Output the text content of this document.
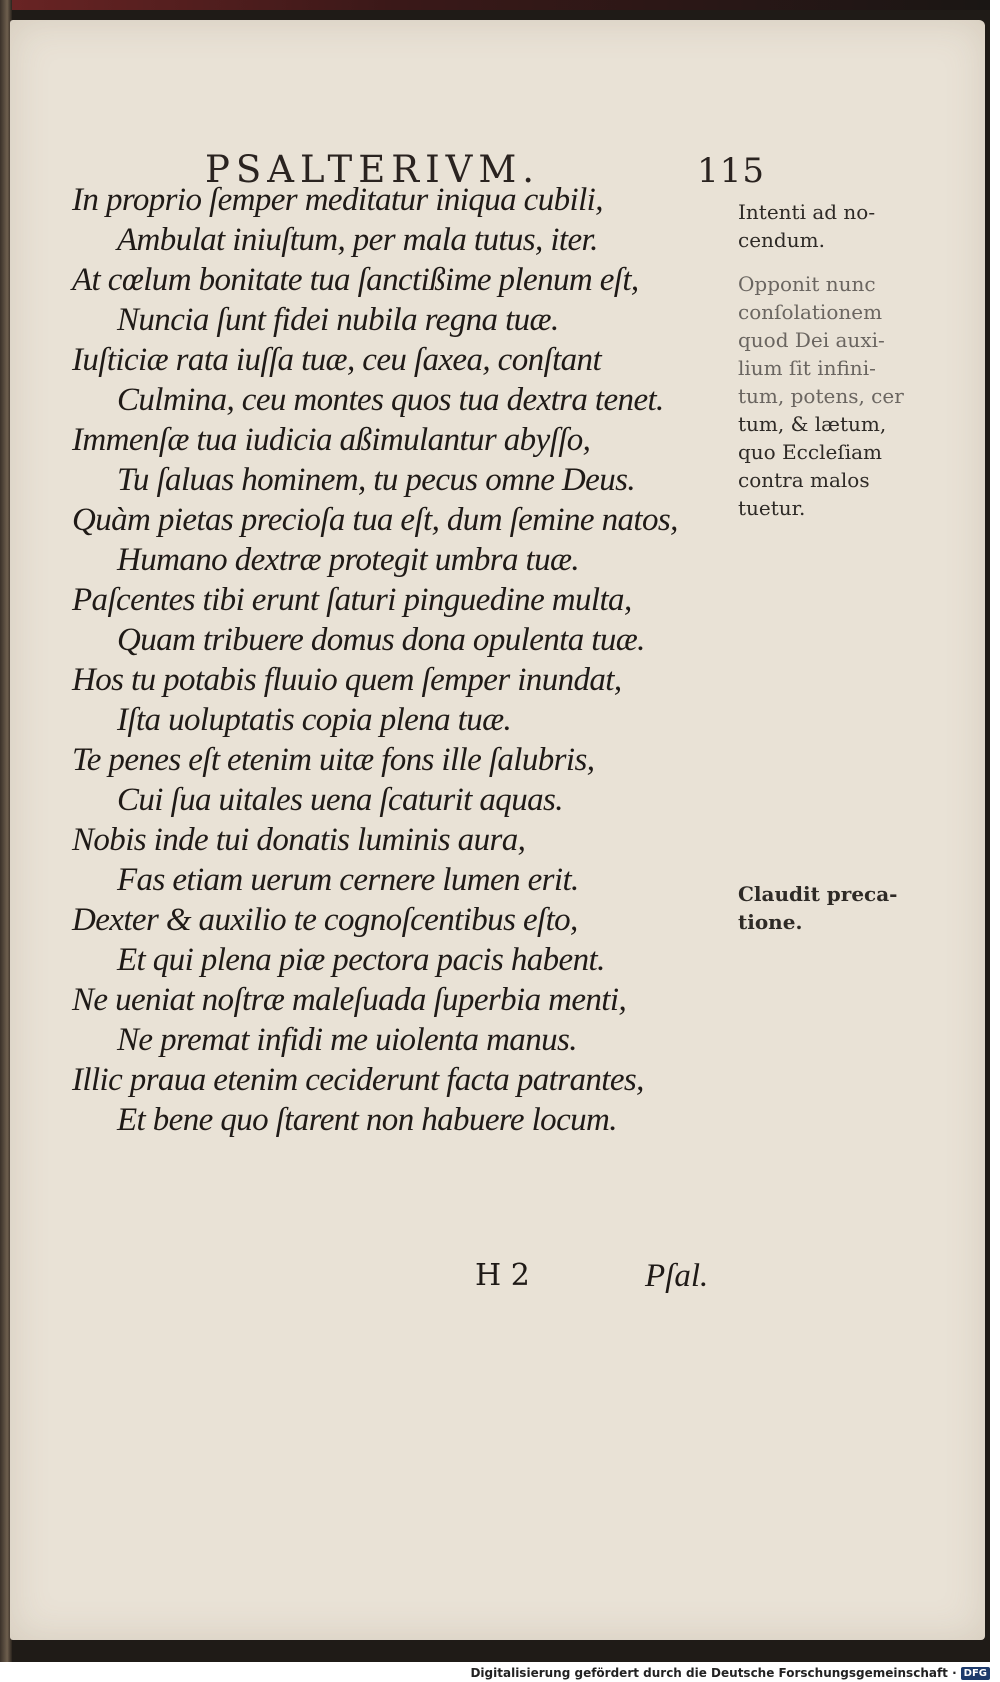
PSALTERIVM.	115
In proprio ſemper meditatur iniqua cubili,
Ambulat iniuſtum, per mala tutus, iter.
At cœlum bonitate tua ſanctißime plenum eſt,
Nuncia ſunt fidei nubila regna tuæ.
Iuſticiæ rata iuſſa tuæ, ceu ſaxea, conſtant
Culmina, ceu montes quos tua dextra tenet.
Immenſæ tua iudicia aßimulantur abyſſo,
Tu ſaluas hominem, tu pecus omne Deus.
Quàm pietas precioſa tua eſt, dum ſemine natos,
Humano dextræ protegit umbra tuæ.
Paſcentes tibi erunt ſaturi pinguedine multa,
Quam tribuere domus dona opulenta tuæ.
Hos tu potabis fluuio quem ſemper inundat,
Iſta uoluptatis copia plena tuæ.
Te penes eſt etenim uitæ fons ille ſalubris,
Cui ſua uitales uena ſcaturit aquas.
Nobis inde tui donatis luminis aura,
Fas etiam uerum cernere lumen erit.
Dexter & auxilio te cognoſcentibus eſto,
Et qui plena piæ pectora pacis habent.
Ne ueniat noſtræ maleſuada ſuperbia menti,
Ne premat infidi me uiolenta manus.
Illic praua etenim ceciderunt facta patrantes,
Et bene quo ſtarent non habuere locum.
Intenti ad no-
cendum.
Opponit nunc
conſolationem
quod Dei auxi-
lium ſit infini-
tum, potens, cer
tum, & lætum,
quo Eccleſiam
contra malos
tuetur.
Claudit preca-
tione.
H 2	Pſal.
Digitalisierung gefördert durch die Deutsche Forschungsgemeinschaft · DFG
